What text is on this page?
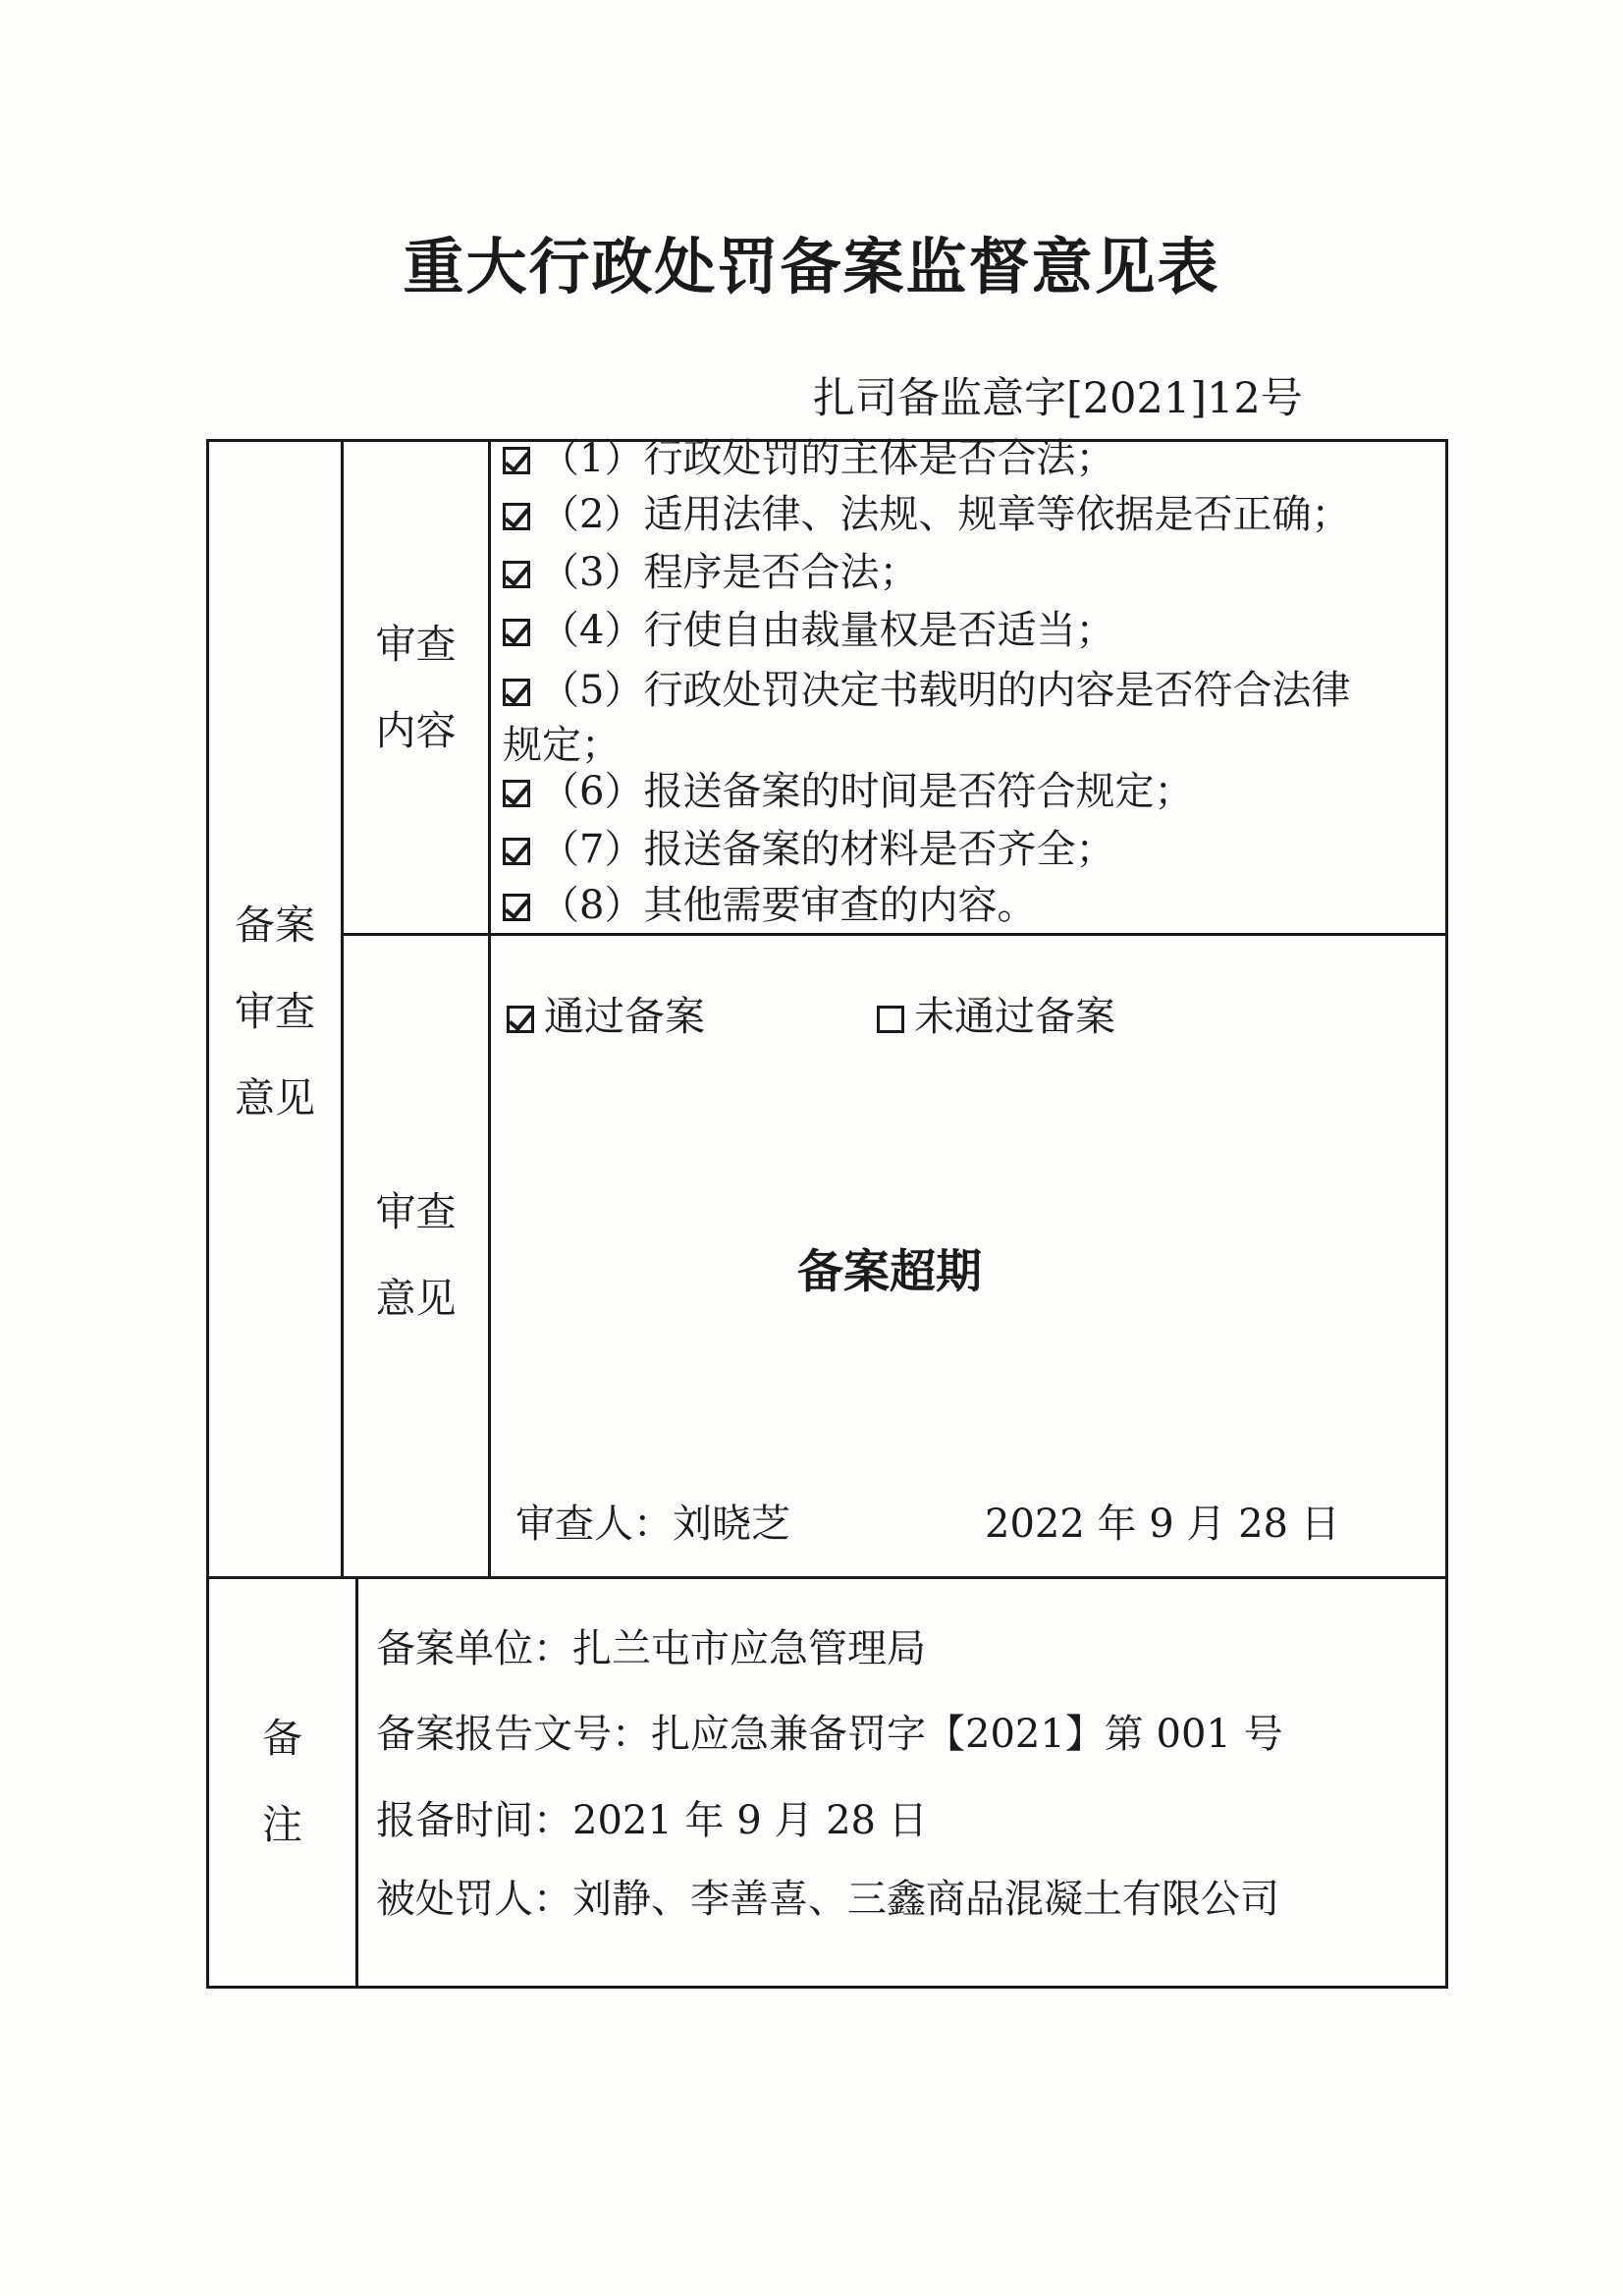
重大行政处罚备案监督意见表
扎司备监意字[2021]12号
备案
审查
意见
审查
内容
（1）行政处罚的主体是否合法；
（2）适用法律、法规、规章等依据是否正确；
（3）程序是否合法；
（4）行使自由裁量权是否适当；
（5）行政处罚决定书载明的内容是否符合法律
规定；
（6）报送备案的时间是否符合规定；
（7）报送备案的材料是否齐全；
（8）其他需要审查的内容。
审查
意见
通过备案	未通过备案
备案超期
审查人：刘晓芝	2022 年 9 月 28 日
备
注
备案单位：扎兰屯市应急管理局
备案报告文号：扎应急兼备罚字【2021】第 001 号
报备时间：2021 年 9 月 28 日
被处罚人：刘静、李善喜、三鑫商品混凝土有限公司
